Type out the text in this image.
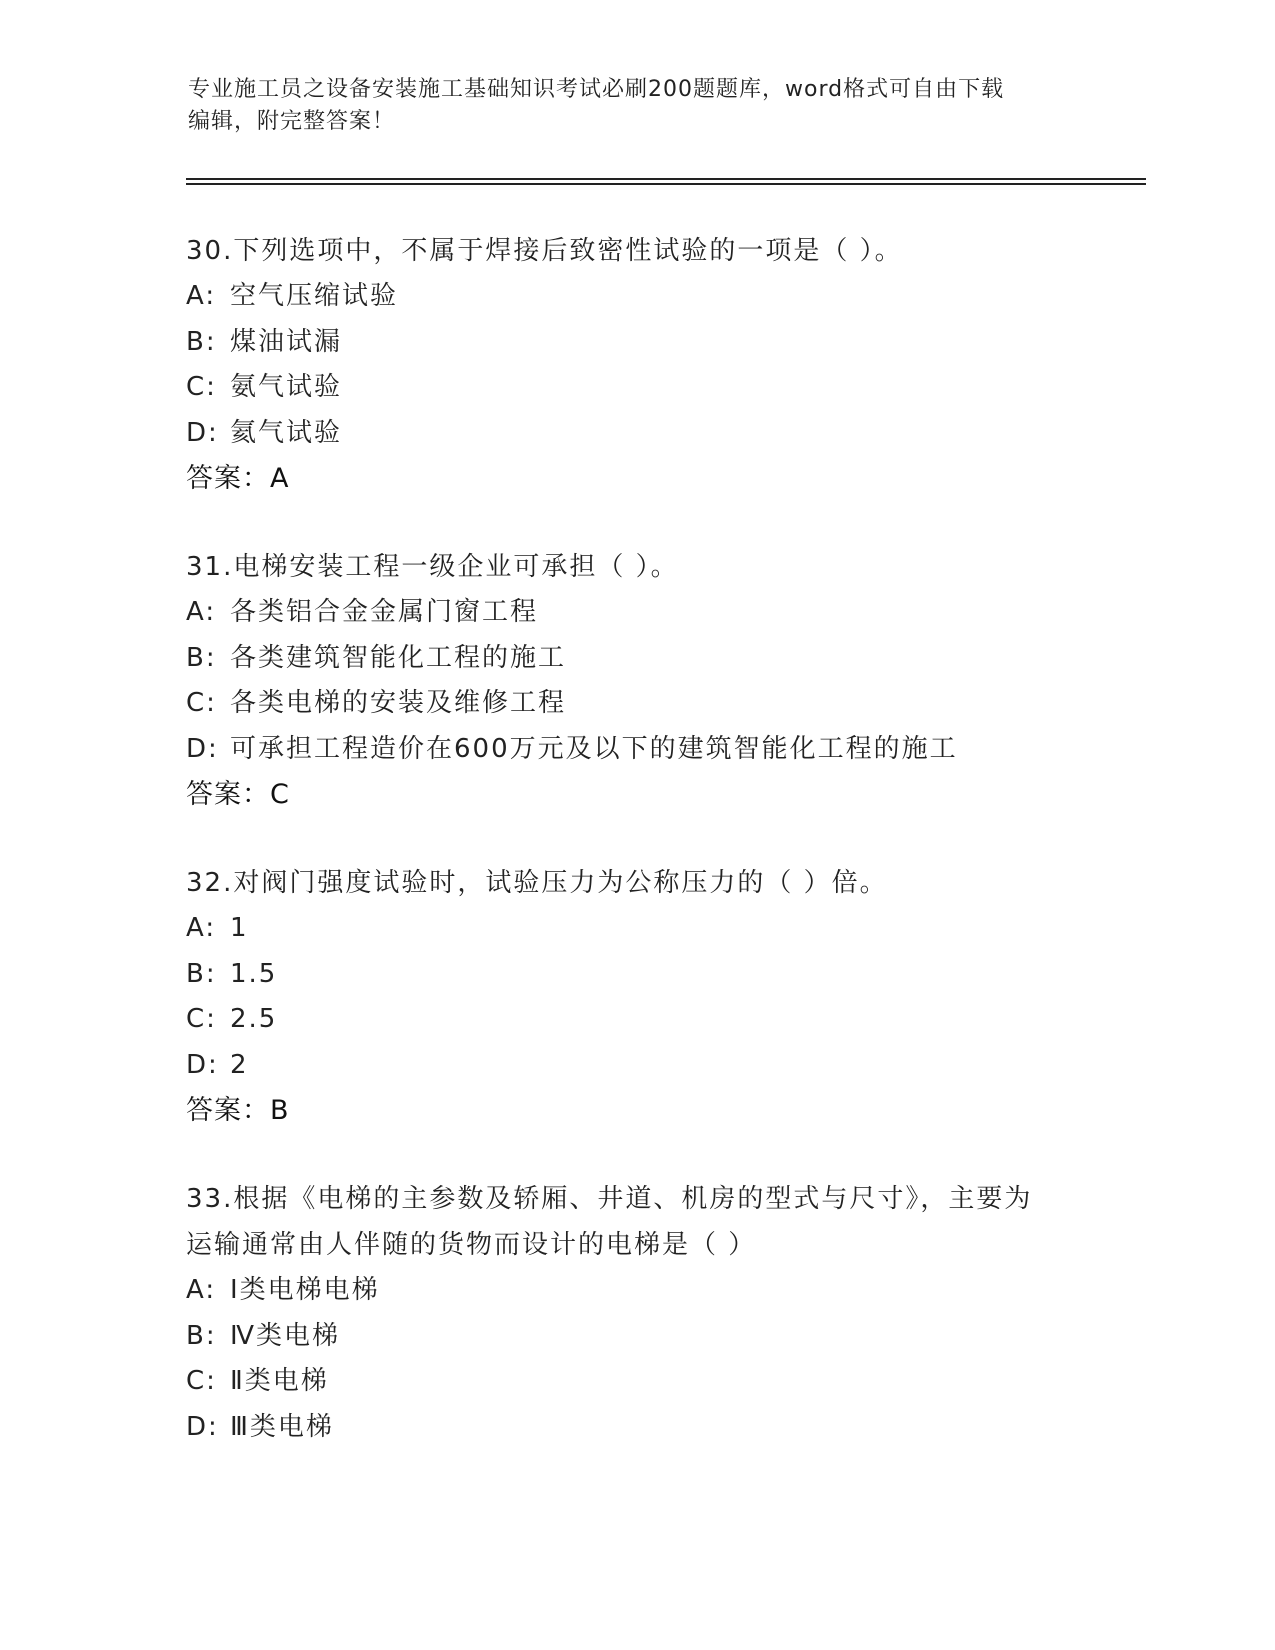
专业施工员之设备安装施工基础知识考试必刷200题题库，word格式可自由下载
编辑，附完整答案！

30.下列选项中，不属于焊接后致密性试验的一项是（ ）。

A: 空气压缩试验

B: 煤油试漏

C: 氨气试验

D: 氦气试验

答案：A

31.电梯安装工程一级企业可承担（ ）。

A: 各类铝合金金属门窗工程

B: 各类建筑智能化工程的施工

C: 各类电梯的安装及维修工程

D: 可承担工程造价在600万元及以下的建筑智能化工程的施工

答案：C

32.对阀门强度试验时，试验压力为公称压力的（ ）倍。

A: 1

B: 1.5

C: 2.5

D: 2

答案：B

33.根据《电梯的主参数及轿厢、井道、机房的型式与尺寸》，主要为

运输通常由人伴随的货物而设计的电梯是（ ）

A: Ⅰ类电梯电梯

B: Ⅳ类电梯

C: Ⅱ类电梯

D: Ⅲ类电梯
